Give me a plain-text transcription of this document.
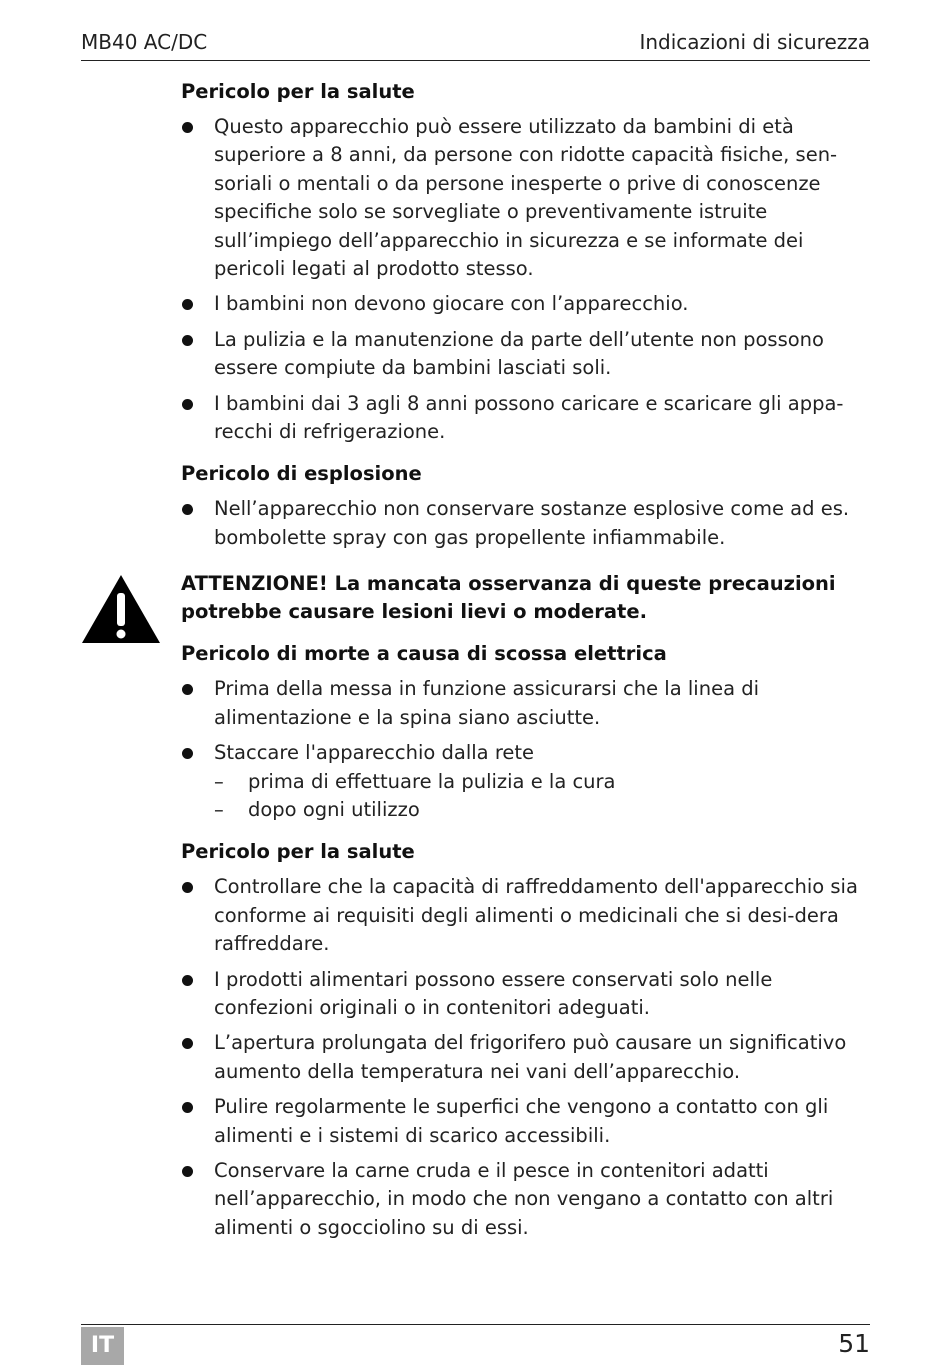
MB40 AC/DC	Indicazioni di sicurezza
Pericolo per la salute
Questo apparecchio può essere utilizzato da bambini di età superiore a 8 anni, da persone con ridotte capacità fisiche, sen-soriali o mentali o da persone inesperte o prive di conoscenze specifiche solo se sorvegliate o preventivamente istruite sull’impiego dell’apparecchio in sicurezza e se informate dei pericoli legati al prodotto stesso.
I bambini non devono giocare con l’apparecchio.
La pulizia e la manutenzione da parte dell’utente non possono essere compiute da bambini lasciati soli.
I bambini dai 3 agli 8 anni possono caricare e scaricare gli appa-recchi di refrigerazione.
Pericolo di esplosione
Nell’apparecchio non conservare sostanze esplosive come ad es. bombolette spray con gas propellente infiammabile.

ATTENZIONE! La mancata osservanza di queste precauzioni potrebbe causare lesioni lievi o moderate.

Pericolo di morte a causa di scossa elettrica
Prima della messa in funzione assicurarsi che la linea di alimentazione e la spina siano asciutte.
Staccare l'apparecchio dalla rete
– prima di effettuare la pulizia e la cura
– dopo ogni utilizzo
Pericolo per la salute
Controllare che la capacità di raffreddamento dell'apparecchio sia conforme ai requisiti degli alimenti o medicinali che si desi-dera raffreddare.
I prodotti alimentari possono essere conservati solo nelle confezioni originali o in contenitori adeguati.
L’apertura prolungata del frigorifero può causare un significativo aumento della temperatura nei vani dell’apparecchio.
Pulire regolarmente le superfici che vengono a contatto con gli alimenti e i sistemi di scarico accessibili.
Conservare la carne cruda e il pesce in contenitori adatti nell’apparecchio, in modo che non vengano a contatto con altri alimenti o sgocciolino su di essi.
IT	51
